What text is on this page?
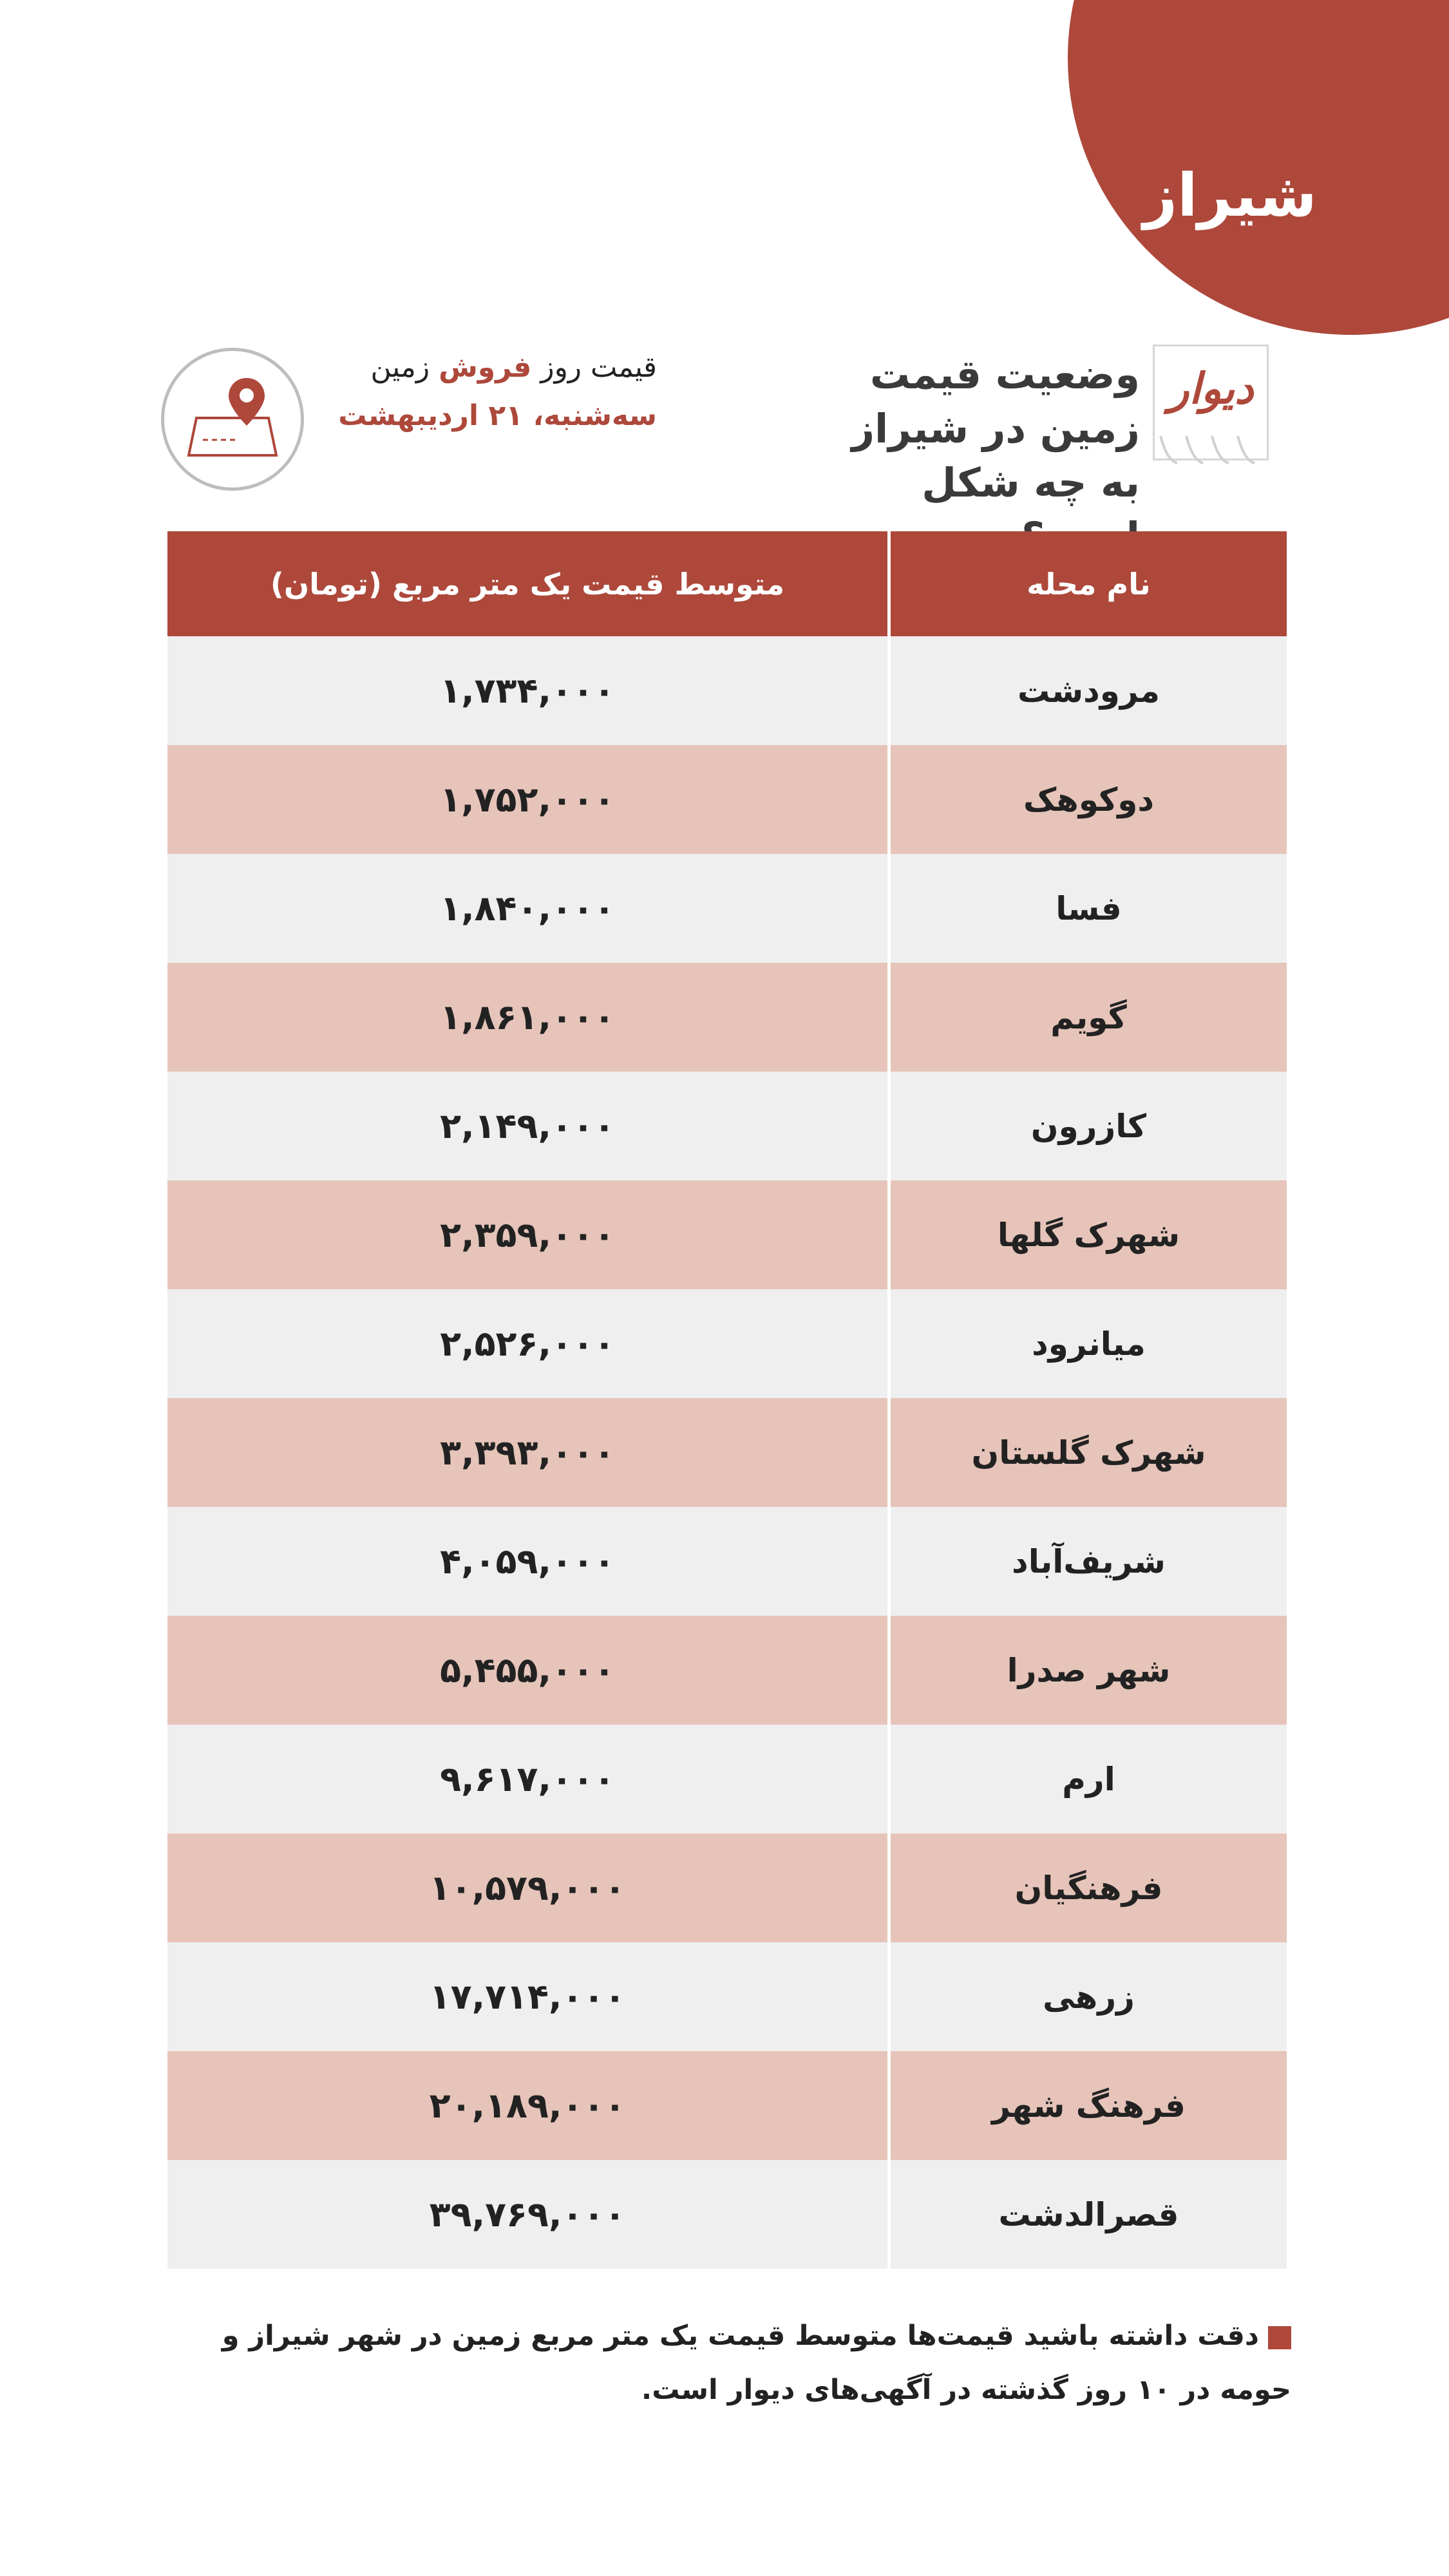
شیراز
قیمت روز فروش زمین
سه‌شنبه، ۲۱ اردیبهشت
دیوار
وضعیت قیمت زمین در شیراز به چه شکل
نام محله
متوسط قیمت یک متر مربع (تومان)
مرودشت
۱,۷۳۴,۰۰۰
دوکوهک
۱,۷۵۲,۰۰۰
فسا
۱,۸۴۰,۰۰۰
گویم
۱,۸۶۱,۰۰۰
کازرون
۲,۱۴۹,۰۰۰
شهرک گلها
۲,۳۵۹,۰۰۰
میانرود
۲,۵۲۶,۰۰۰
شهرک گلستان
۳,۳۹۳,۰۰۰
شریف‌آباد
۴,۰۵۹,۰۰۰
شهر صدرا
۵,۴۵۵,۰۰۰
ارم
۹,۶۱۷,۰۰۰
فرهنگیان
۱۰,۵۷۹,۰۰۰
زرهی
۱۷,۷۱۴,۰۰۰
فرهنگ شهر
۲۰,۱۸۹,۰۰۰
قصرالدشت
۳۹,۷۶۹,۰۰۰
دقت داشته باشید قیمت‌ها متوسط قیمت یک متر مربع زمین در شهر شیراز و حومه در ۱۰ روز گذشته در آگهی‌های دیوار است.
